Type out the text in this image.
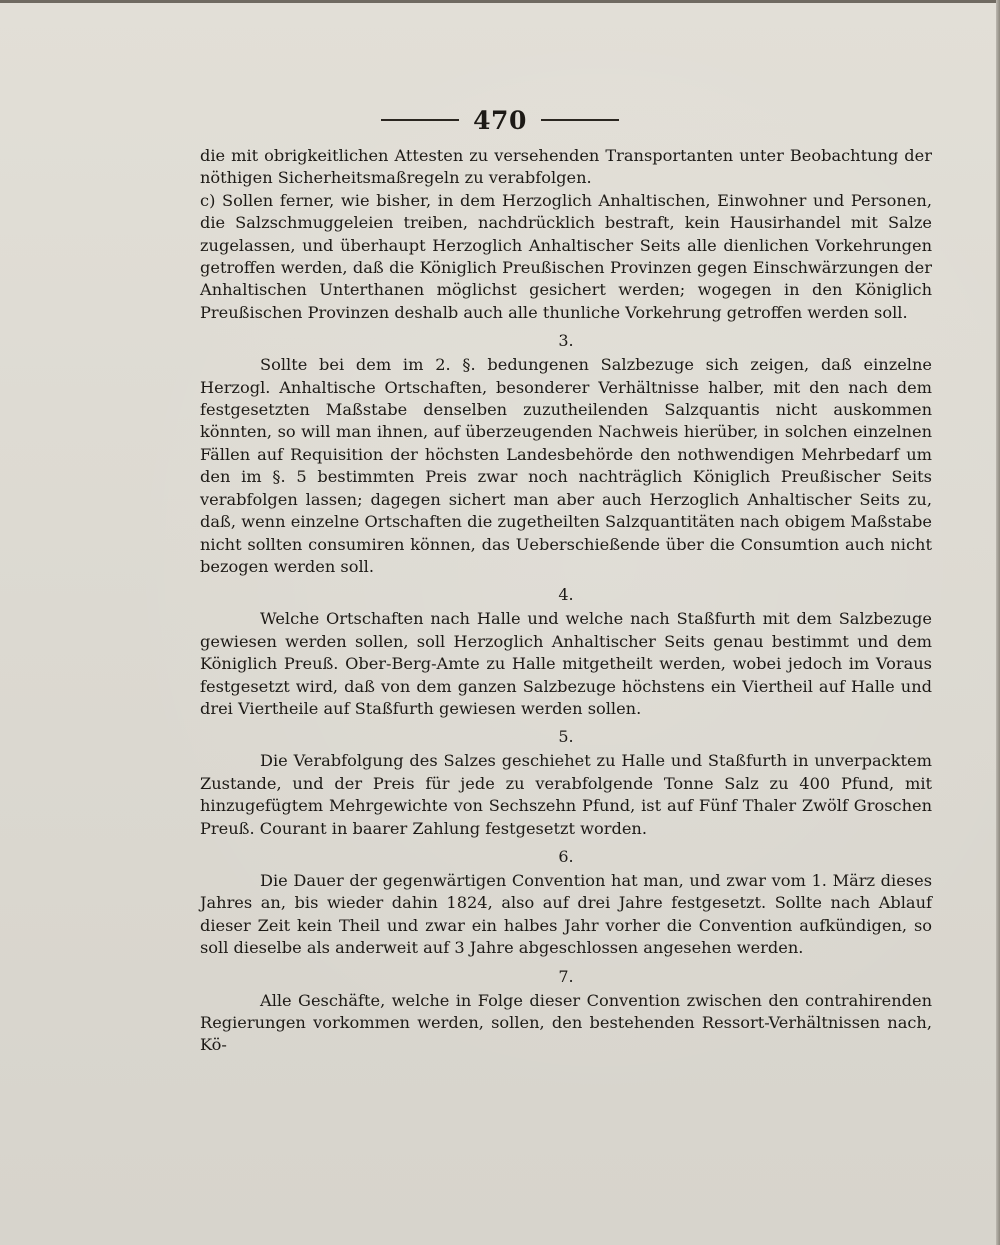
470

die mit obrigkeitlichen Attesten zu versehenden Transportanten unter Beobachtung der nöthigen Sicherheitsmaßregeln zu verabfolgen.

c) Sollen ferner, wie bisher, in dem Herzoglich Anhaltischen, Einwohner und Personen, die Salzschmuggeleien treiben, nachdrücklich bestraft, kein Hausirhandel mit Salze zugelassen, und überhaupt Herzoglich Anhaltischer Seits alle dienlichen Vorkehrungen getroffen werden, daß die Königlich Preußischen Provinzen gegen Einschwärzungen der Anhaltischen Unterthanen möglichst gesichert werden; wogegen in den Königlich Preußischen Provinzen deshalb auch alle thunliche Vorkehrung getroffen werden soll.

3.

Sollte bei dem im 2. §. bedungenen Salzbezuge sich zeigen, daß einzelne Herzogl. Anhaltische Ortschaften, besonderer Verhältnisse halber, mit den nach dem festgesetzten Maßstabe denselben zuzutheilenden Salzquantis nicht auskommen könnten, so will man ihnen, auf überzeugenden Nachweis hierüber, in solchen einzelnen Fällen auf Requisition der höchsten Landesbehörde den nothwendigen Mehrbedarf um den im §. 5 bestimmten Preis zwar noch nachträglich Königlich Preußischer Seits verabfolgen lassen; dagegen sichert man aber auch Herzoglich Anhaltischer Seits zu, daß, wenn einzelne Ortschaften die zugetheilten Salzquantitäten nach obigem Maßstabe nicht sollten consumiren können, das Ueberschießende über die Consumtion auch nicht bezogen werden soll.

4.

Welche Ortschaften nach Halle und welche nach Staßfurth mit dem Salzbezuge gewiesen werden sollen, soll Herzoglich Anhaltischer Seits genau bestimmt und dem Königlich Preuß. Ober-Berg-Amte zu Halle mitgetheilt werden, wobei jedoch im Voraus festgesetzt wird, daß von dem ganzen Salzbezuge höchstens ein Viertheil auf Halle und drei Viertheile auf Staßfurth gewiesen werden sollen.

5.

Die Verabfolgung des Salzes geschiehet zu Halle und Staßfurth in unverpacktem Zustande, und der Preis für jede zu verabfolgende Tonne Salz zu 400 Pfund, mit hinzugefügtem Mehrgewichte von Sechszehn Pfund, ist auf Fünf Thaler Zwölf Groschen Preuß. Courant in baarer Zahlung festgesetzt worden.

6.

Die Dauer der gegenwärtigen Convention hat man, und zwar vom 1. März dieses Jahres an, bis wieder dahin 1824, also auf drei Jahre festgesetzt. Sollte nach Ablauf dieser Zeit kein Theil und zwar ein halbes Jahr vorher die Convention aufkündigen, so soll dieselbe als anderweit auf 3 Jahre abgeschlossen angesehen werden.

7.

Alle Geschäfte, welche in Folge dieser Convention zwischen den contrahirenden Regierungen vorkommen werden, sollen, den bestehenden Ressort-Verhältnissen nach, Kö-
